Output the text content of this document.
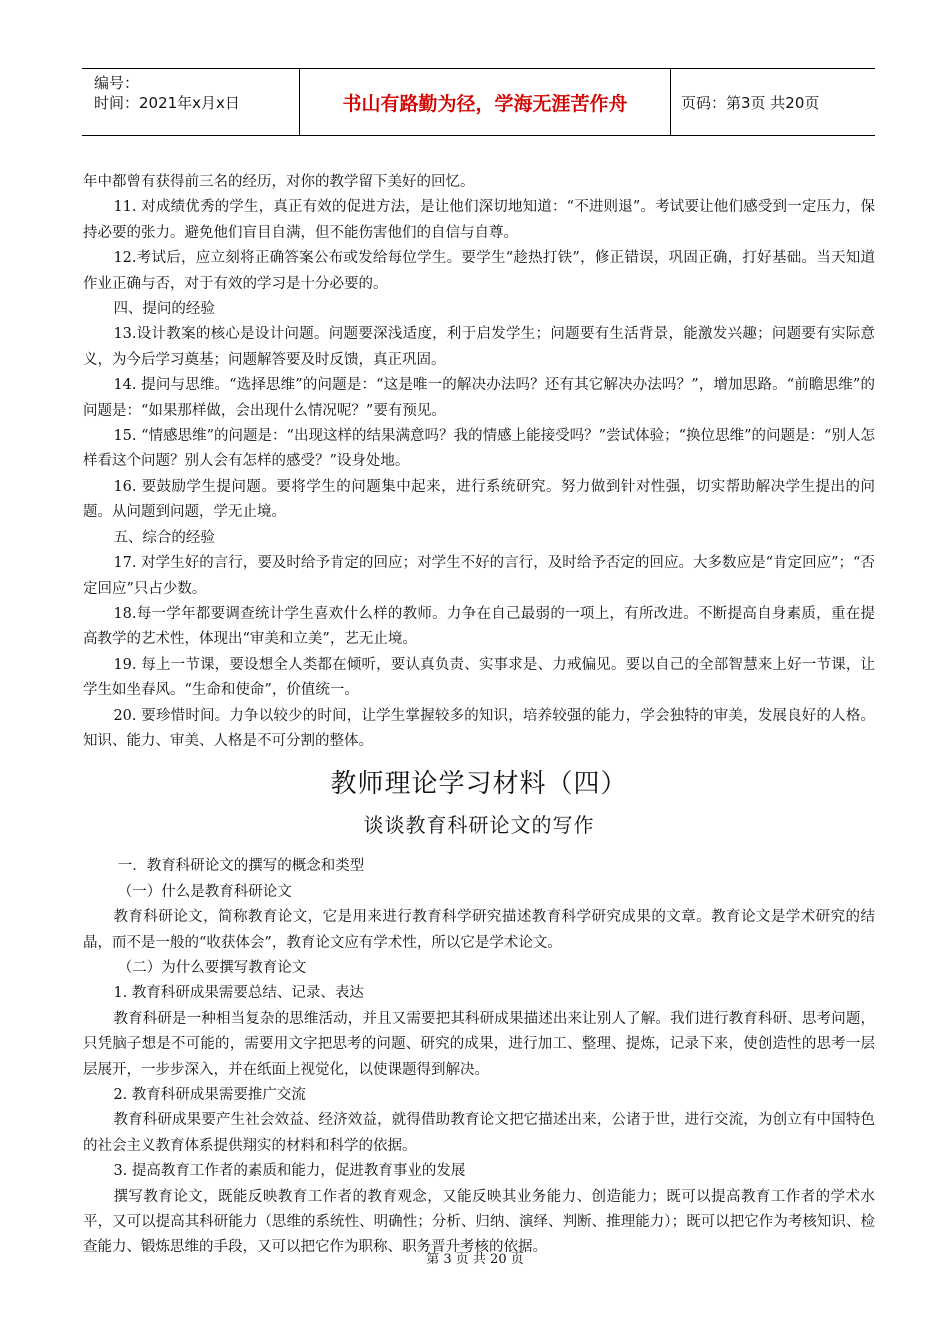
编号：
时间：2021年x月x日	书山有路勤为径，学海无涯苦作舟	页码：第3页 共20页

年中都曾有获得前三名的经历，对你的教学留下美好的回忆。

11. 对成绩优秀的学生，真正有效的促进方法，是让他们深切地知道：“不进则退”。考试要让他们感受到一定压力，保持必要的张力。避免他们盲目自满，但不能伤害他们的自信与自尊。

12.考试后，应立刻将正确答案公布或发给每位学生。要学生“趁热打铁”，修正错误，巩固正确，打好基础。当天知道作业正确与否，对于有效的学习是十分必要的。

四、提问的经验

13.设计教案的核心是设计问题。问题要深浅适度，利于启发学生；问题要有生活背景，能激发兴趣；问题要有实际意义，为今后学习奠基；问题解答要及时反馈，真正巩固。

14. 提问与思维。“选择思维”的问题是：“这是唯一的解决办法吗？还有其它解决办法吗？”，增加思路。“前瞻思维”的问题是：“如果那样做，会出现什么情况呢？”要有预见。

15. “情感思维”的问题是：“出现这样的结果满意吗？我的情感上能接受吗？”尝试体验；“换位思维”的问题是：“别人怎样看这个问题？别人会有怎样的感受？”设身处地。

16. 要鼓励学生提问题。要将学生的问题集中起来，进行系统研究。努力做到针对性强，切实帮助解决学生提出的问题。从问题到问题，学无止境。

五、综合的经验

17. 对学生好的言行，要及时给予肯定的回应；对学生不好的言行，及时给予否定的回应。大多数应是“肯定回应”；“否定回应”只占少数。

18.每一学年都要调查统计学生喜欢什么样的教师。力争在自己最弱的一项上，有所改进。不断提高自身素质，重在提高教学的艺术性，体现出“审美和立美”，艺无止境。

19. 每上一节课，要设想全人类都在倾听，要认真负责、实事求是、力戒偏见。要以自己的全部智慧来上好一节课，让学生如坐春风。“生命和使命”，价值统一。

20. 要珍惜时间。力争以较少的时间，让学生掌握较多的知识，培养较强的能力，学会独特的审美，发展良好的人格。知识、能力、审美、人格是不可分割的整体。

教师理论学习材料（四）
谈谈教育科研论文的写作

一．教育科研论文的撰写的概念和类型

（一）什么是教育科研论文

教育科研论文，简称教育论文，它是用来进行教育科学研究描述教育科学研究成果的文章。教育论文是学术研究的结晶，而不是一般的“收获体会”，教育论文应有学术性，所以它是学术论文。

（二）为什么要撰写教育论文

1. 教育科研成果需要总结、记录、表达

教育科研是一种相当复杂的思维活动，并且又需要把其科研成果描述出来让别人了解。我们进行教育科研、思考问题，只凭脑子想是不可能的，需要用文字把思考的问题、研究的成果，进行加工、整理、提炼，记录下来，使创造性的思考一层层展开，一步步深入，并在纸面上视觉化，以使课题得到解决。

2. 教育科研成果需要推广交流

教育科研成果要产生社会效益、经济效益，就得借助教育论文把它描述出来，公诸于世，进行交流，为创立有中国特色的社会主义教育体系提供翔实的材料和科学的依据。

3. 提高教育工作者的素质和能力，促进教育事业的发展

撰写教育论文，既能反映教育工作者的教育观念，又能反映其业务能力、创造能力；既可以提高教育工作者的学术水平，又可以提高其科研能力（思维的系统性、明确性；分析、归纳、演绎、判断、推理能力）；既可以把它作为考核知识、检查能力、锻炼思维的手段，又可以把它作为职称、职务晋升考核的依据。

第 3 页 共 20 页
